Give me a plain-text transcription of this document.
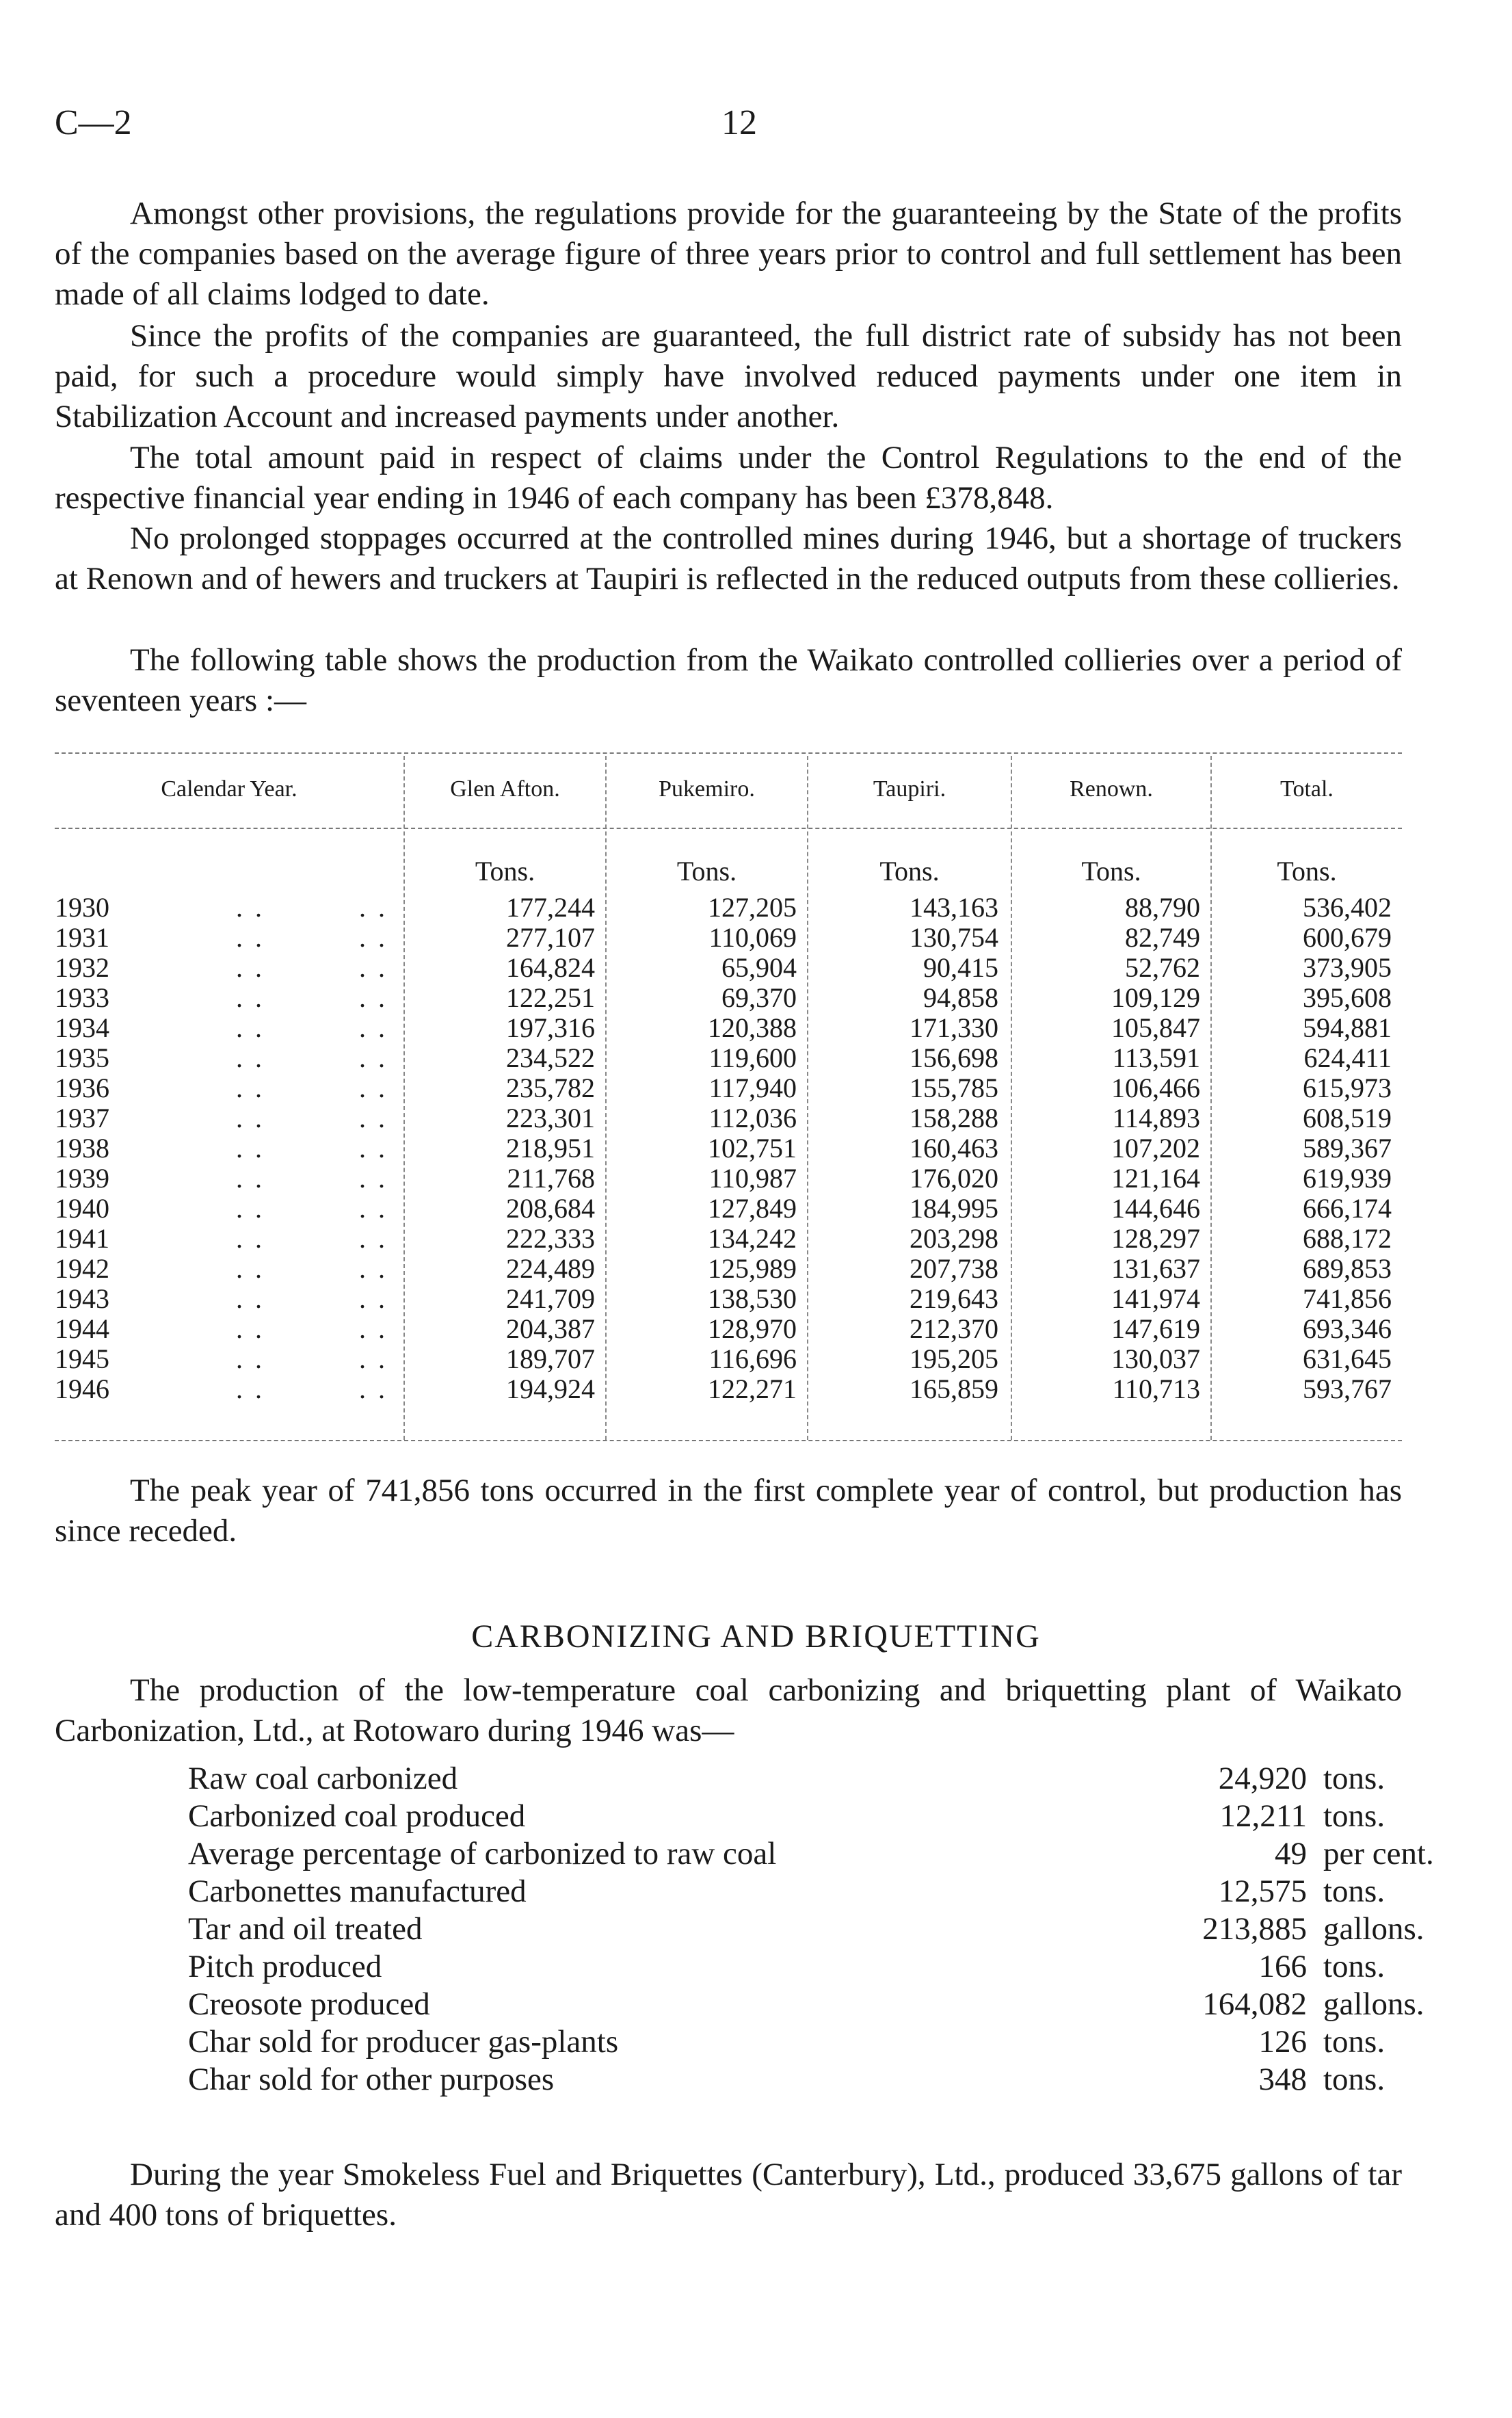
C—2	12

Amongst other provisions, the regulations provide for the guaranteeing by the State of the profits of the companies based on the average figure of three years prior to control and full settlement has been made of all claims lodged to date.

Since the profits of the companies are guaranteed, the full district rate of subsidy has not been paid, for such a procedure would simply have involved reduced payments under one item in Stabilization Account and increased payments under another.

The total amount paid in respect of claims under the Control Regulations to the end of the respective financial year ending in 1946 of each company has been £378,848.

No prolonged stoppages occurred at the controlled mines during 1946, but a shortage of truckers at Renown and of hewers and truckers at Taupiri is reflected in the reduced outputs from these collieries.

The following table shows the production from the Waikato controlled collieries over a period of seventeen years :—

Calendar Year.	Glen Afton.	Pukemiro.	Taupiri.	Renown.	Total.
Tons.	Tons.	Tons.	Tons.	Tons.
1930	. .	. .	177,244	127,205	143,163	88,790	536,402
1931	. .	. .	277,107	110,069	130,754	82,749	600,679
1932	. .	. .	164,824	65,904	90,415	52,762	373,905
1933	. .	. .	122,251	69,370	94,858	109,129	395,608
1934	. .	. .	197,316	120,388	171,330	105,847	594,881
1935	. .	. .	234,522	119,600	156,698	113,591	624,411
1936	. .	. .	235,782	117,940	155,785	106,466	615,973
1937	. .	. .	223,301	112,036	158,288	114,893	608,519
1938	. .	. .	218,951	102,751	160,463	107,202	589,367
1939	. .	. .	211,768	110,987	176,020	121,164	619,939
1940	. .	. .	208,684	127,849	184,995	144,646	666,174
1941	. .	. .	222,333	134,242	203,298	128,297	688,172
1942	. .	. .	224,489	125,989	207,738	131,637	689,853
1943	. .	. .	241,709	138,530	219,643	141,974	741,856
1944	. .	. .	204,387	128,970	212,370	147,619	693,346
1945	. .	. .	189,707	116,696	195,205	130,037	631,645
1946	. .	. .	194,924	122,271	165,859	110,713	593,767

The peak year of 741,856 tons occurred in the first complete year of control, but production has since receded.

CARBONIZING AND BRIQUETTING

The production of the low-temperature coal carbonizing and briquetting plant of Waikato Carbonization, Ltd., at Rotowaro during 1946 was—

Raw coal carbonized	24,920 tons.
Carbonized coal produced	12,211 tons.
Average percentage of carbonized to raw coal	49 per cent.
Carbonettes manufactured	12,575 tons.
Tar and oil treated	213,885 gallons.
Pitch produced	166 tons.
Creosote produced	164,082 gallons.
Char sold for producer gas-plants	126 tons.
Char sold for other purposes	348 tons.

During the year Smokeless Fuel and Briquettes (Canterbury), Ltd., produced 33,675 gallons of tar and 400 tons of briquettes.
